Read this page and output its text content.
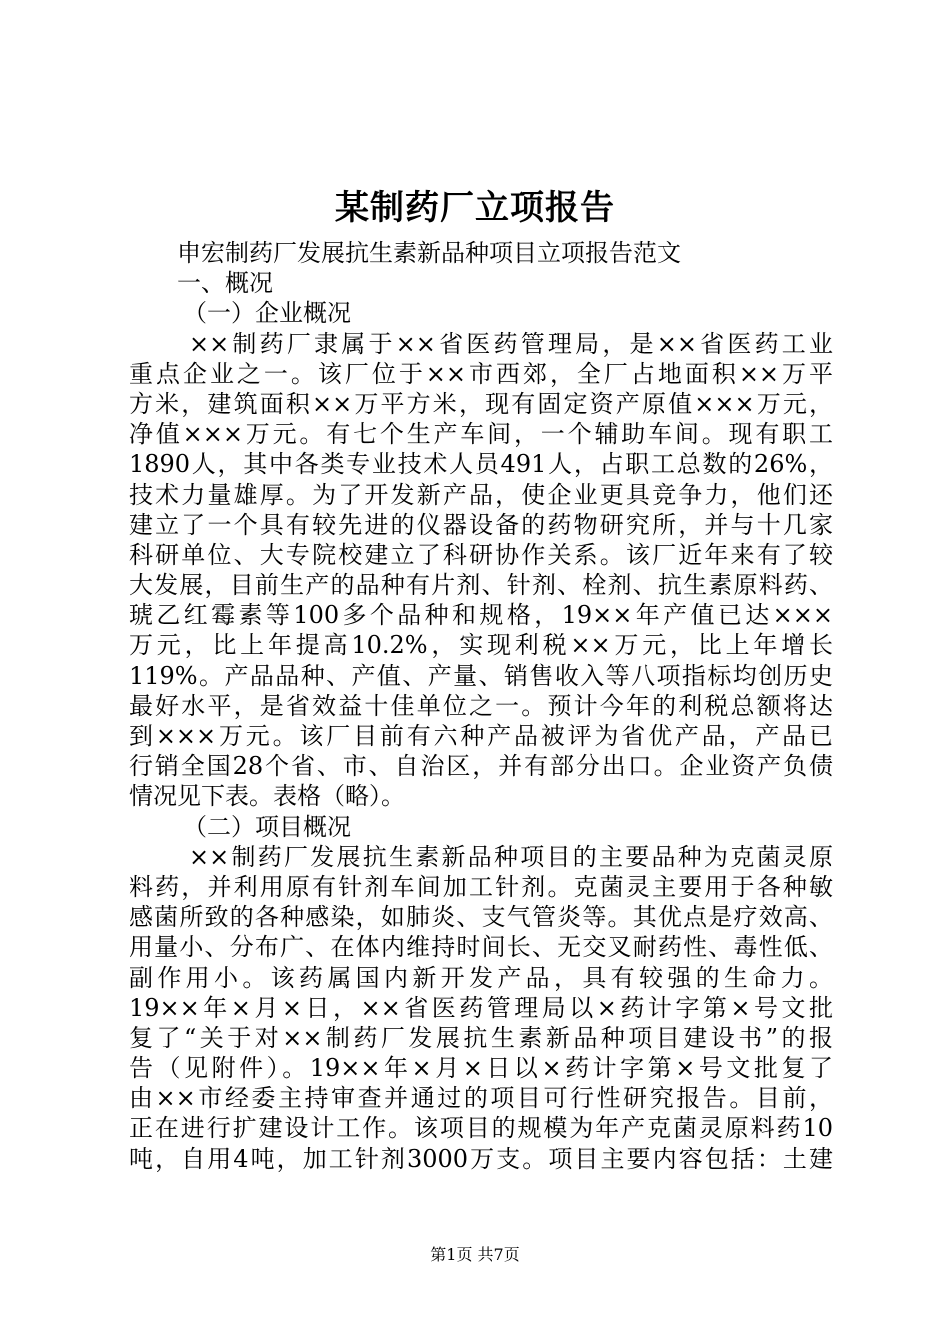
某制药厂立项报告
申宏制药厂发展抗生素新品种项目立项报告范文
一、概况
（一）企业概况
××制药厂隶属于××省医药管理局，是××省医药工业
重点企业之一。该厂位于××市西郊，全厂占地面积××万平
方米，建筑面积××万平方米，现有固定资产原值×××万元，
净值×××万元。有七个生产车间，一个辅助车间。现有职工
1890人，其中各类专业技术人员491人，占职工总数的26%，
技术力量雄厚。为了开发新产品，使企业更具竞争力，他们还
建立了一个具有较先进的仪器设备的药物研究所，并与十几家
科研单位、大专院校建立了科研协作关系。该厂近年来有了较
大发展，目前生产的品种有片剂、针剂、栓剂、抗生素原料药、
琥乙红霉素等100多个品种和规格，19××年产值已达×××
万元，比上年提高10.2%，实现利税××万元，比上年增长
119%。产品品种、产值、产量、销售收入等八项指标均创历史
最好水平，是省效益十佳单位之一。预计今年的利税总额将达
到×××万元。该厂目前有六种产品被评为省优产品，产品已
行销全国28个省、市、自治区，并有部分出口。企业资产负债
情况见下表。表格（略）。
（二）项目概况
××制药厂发展抗生素新品种项目的主要品种为克菌灵原
料药，并利用原有针剂车间加工针剂。克菌灵主要用于各种敏
感菌所致的各种感染，如肺炎、支气管炎等。其优点是疗效高、
用量小、分布广、在体内维持时间长、无交叉耐药性、毒性低、
副作用小。该药属国内新开发产品，具有较强的生命力。
19××年×月×日，××省医药管理局以×药计字第×号文批
复了“关于对××制药厂发展抗生素新品种项目建设书”的报
告（见附件）。19××年×月×日以×药计字第×号文批复了
由××市经委主持审查并通过的项目可行性研究报告。目前，
正在进行扩建设计工作。该项目的规模为年产克菌灵原料药10
吨，自用4吨，加工针剂3000万支。项目主要内容包括：土建
第1页 共7页
